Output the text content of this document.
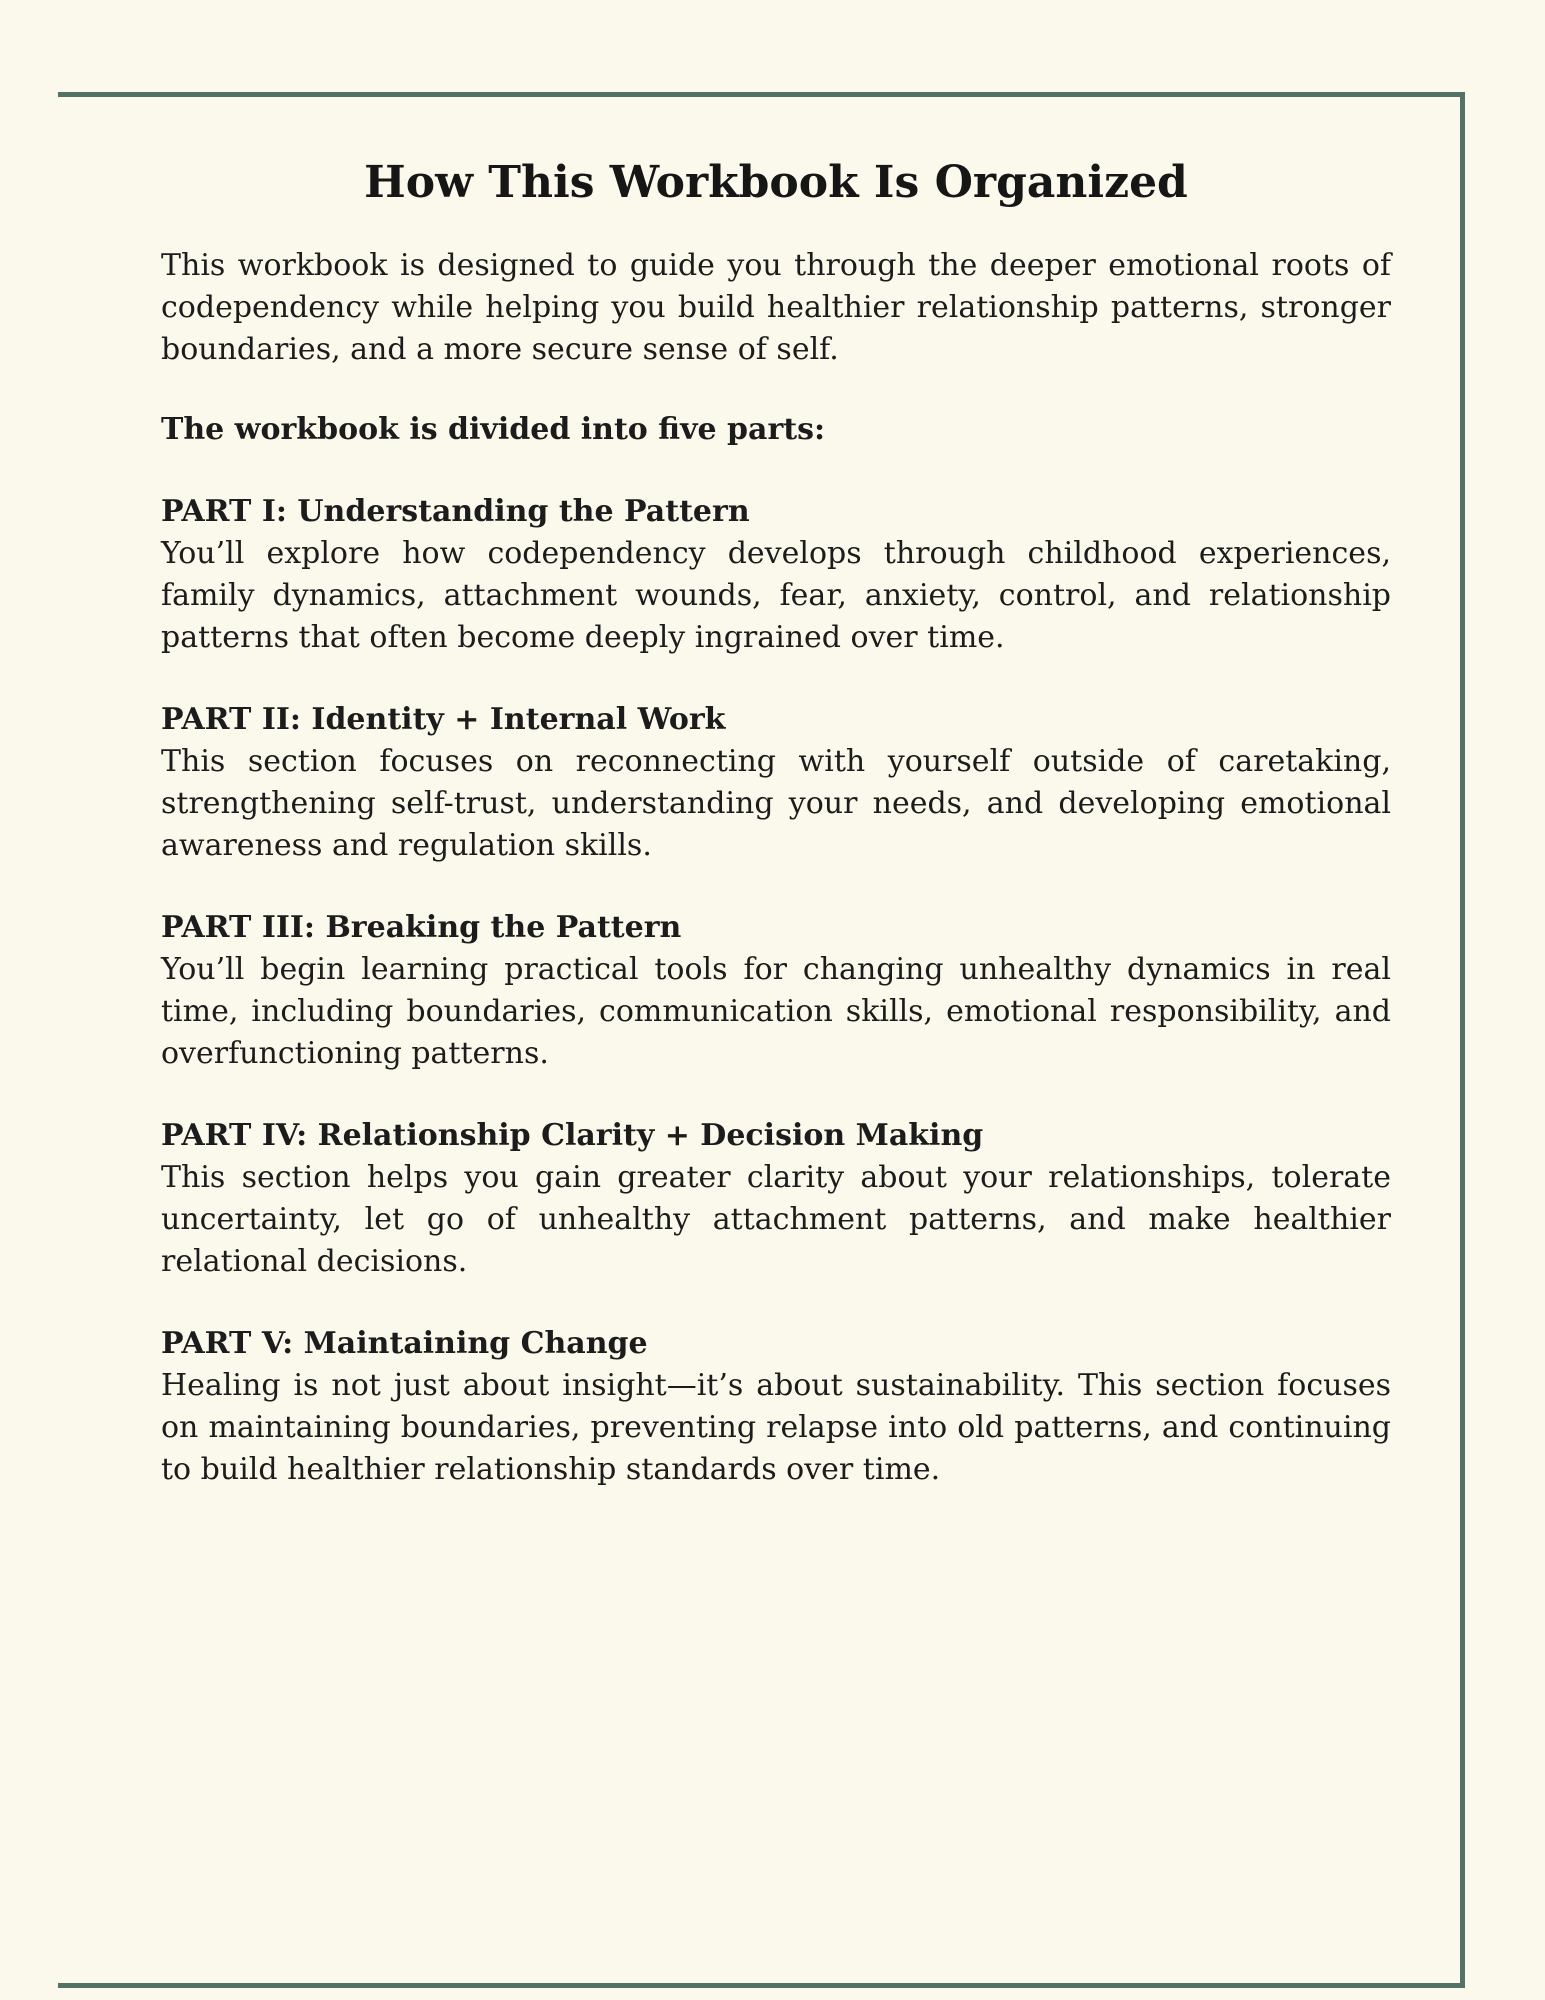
How This Workbook Is Organized

This workbook is designed to guide you through the deeper emotional roots of codependency while helping you build healthier relationship patterns, stronger boundaries, and a more secure sense of self.

The workbook is divided into five parts:

PART I: Understanding the Pattern

You’ll explore how codependency develops through childhood experiences, family dynamics, attachment wounds, fear, anxiety, control, and relationship patterns that often become deeply ingrained over time.

PART II: Identity + Internal Work

This section focuses on reconnecting with yourself outside of caretaking, strengthening self-trust, understanding your needs, and developing emotional awareness and regulation skills.

PART III: Breaking the Pattern

You’ll begin learning practical tools for changing unhealthy dynamics in real time, including boundaries, communication skills, emotional responsibility, and overfunctioning patterns.

PART IV: Relationship Clarity + Decision Making

This section helps you gain greater clarity about your relationships, tolerate uncertainty, let go of unhealthy attachment patterns, and make healthier relational decisions.

PART V: Maintaining Change

Healing is not just about insight—it’s about sustainability. This section focuses on maintaining boundaries, preventing relapse into old patterns, and continuing to build healthier relationship standards over time.
